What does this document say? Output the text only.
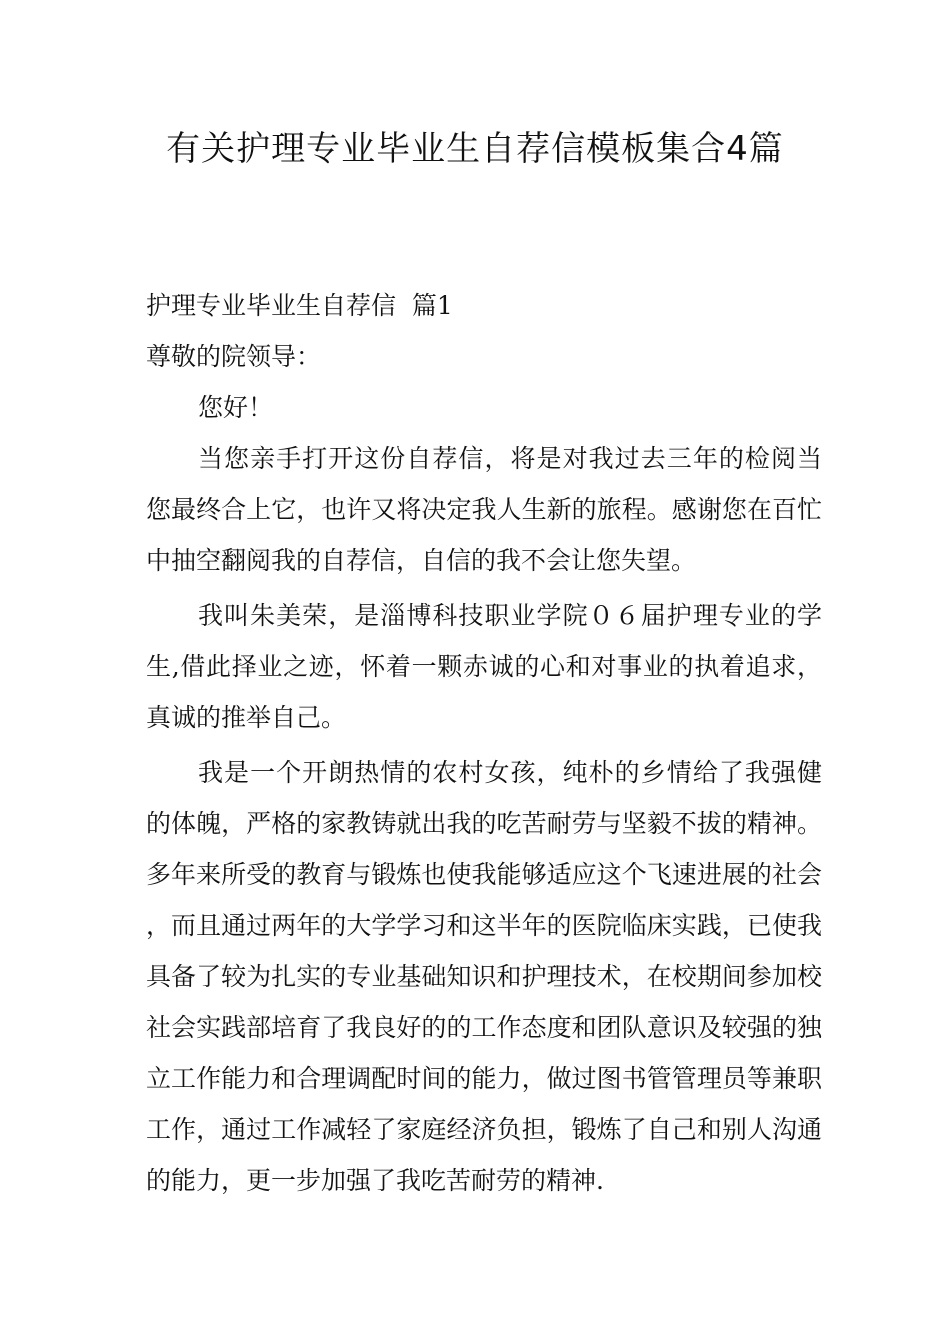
有关护理专业毕业生自荐信模板集合4篇

护理专业毕业生自荐信  篇1

尊敬的院领导：

您好！

当您亲手打开这份自荐信，将是对我过去三年的检阅当您最终合上它，也许又将决定我人生新的旅程。感谢您在百忙中抽空翻阅我的自荐信，自信的我不会让您失望。

我叫朱美荣，是淄博科技职业学院０６届护理专业的学生,借此择业之迹，怀着一颗赤诚的心和对事业的执着追求，真诚的推举自己。

我是一个开朗热情的农村女孩，纯朴的乡情给了我强健的体魄，严格的家教铸就出我的吃苦耐劳与坚毅不拔的精神。多年来所受的教育与锻炼也使我能够适应这个飞速进展的社会，而且通过两年的大学学习和这半年的医院临床实践，已使我具备了较为扎实的专业基础知识和护理技术，在校期间参加校社会实践部培育了我良好的的工作态度和团队意识及较强的独立工作能力和合理调配时间的能力，做过图书管管理员等兼职工作，通过工作减轻了家庭经济负担，锻炼了自己和别人沟通的能力，更一步加强了我吃苦耐劳的精神.
